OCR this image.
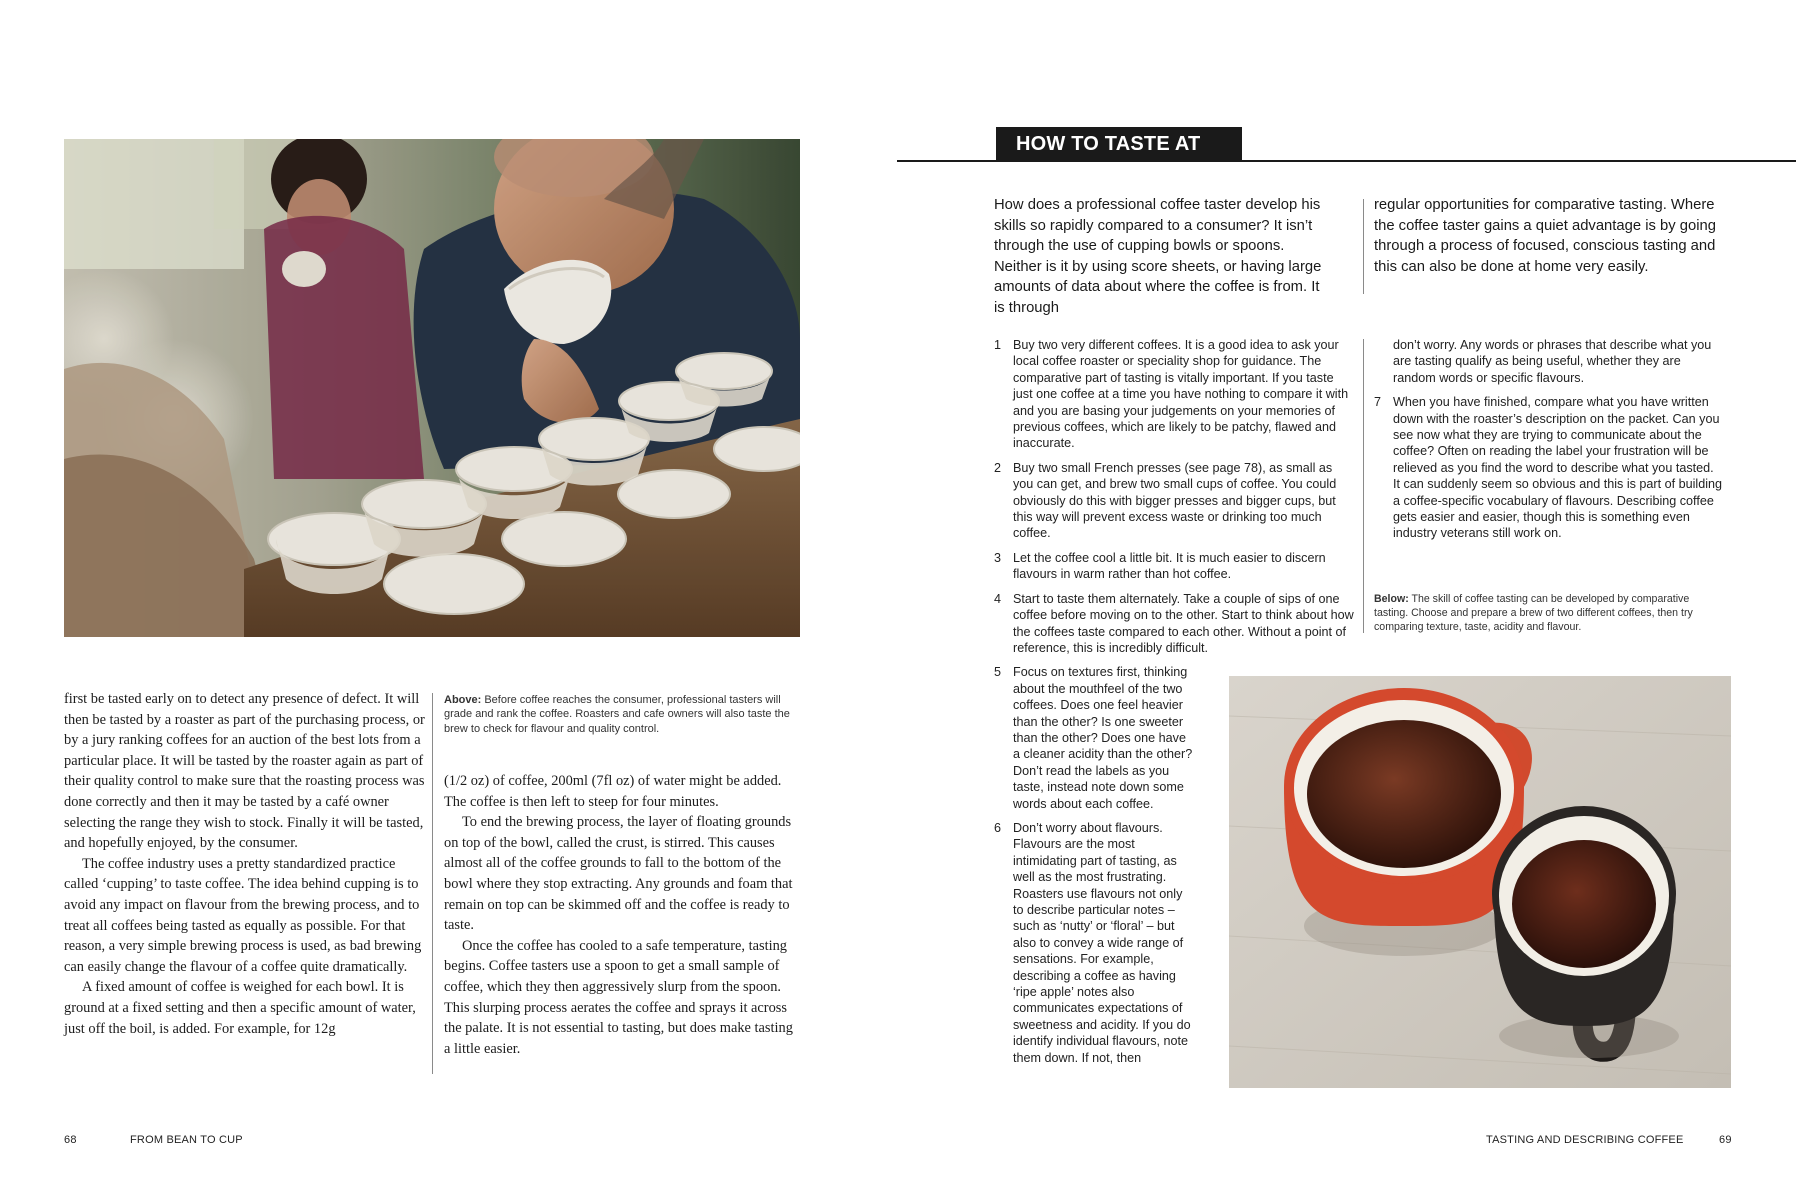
first be tasted early on to detect any presence of defect. It will then be tasted by a roaster as part of the purchasing process, or by a jury ranking coffees for an auction of the best lots from a particular place. It will be tasted by the roaster again as part of their quality control to make sure that the roasting process was done correctly and then it may be tasted by a café owner selecting the range they wish to stock. Finally it will be tasted, and hopefully enjoyed, by the consumer.

The coffee industry uses a pretty standardized practice called ‘cupping’ to taste coffee. The idea behind cupping is to avoid any impact on flavour from the brewing process, and to treat all coffees being tasted as equally as possible. For that reason, a very simple brewing process is used, as bad brewing can easily change the flavour of a coffee quite dramatically.

A fixed amount of coffee is weighed for each bowl. It is ground at a fixed setting and then a specific amount of water, just off the boil, is added. For example, for 12g

Above: Before coffee reaches the consumer, professional tasters will grade and rank the coffee. Roasters and cafe owners will also taste the brew to check for flavour and quality control.

(1/2 oz) of coffee, 200ml (7fl oz) of water might be added. The coffee is then left to steep for four minutes.

To end the brewing process, the layer of floating grounds on top of the bowl, called the crust, is stirred. This causes almost all of the coffee grounds to fall to the bottom of the bowl where they stop extracting. Any grounds and foam that remain on top can be skimmed off and the coffee is ready to taste.

Once the coffee has cooled to a safe temperature, tasting begins. Coffee tasters use a spoon to get a small sample of coffee, which they then aggressively slurp from the spoon. This slurping process aerates the coffee and sprays it across the palate. It is not essential to tasting, but does make tasting a little easier.

68	FROM BEAN TO CUP
HOW TO TASTE AT HOME
How does a professional coffee taster develop his skills so rapidly compared to a consumer? It isn’t through the use of cupping bowls or spoons. Neither is it by using score sheets, or having large amounts of data about where the coffee is from. It is through
regular opportunities for comparative tasting. Where the coffee taster gains a quiet advantage is by going through a process of focused, conscious tasting and this can also be done at home very easily.
1 Buy two very different coffees. It is a good idea to ask your local coffee roaster or speciality shop for guidance. The comparative part of tasting is vitally important. If you taste just one coffee at a time you have nothing to compare it with and you are basing your judgements on your memories of previous coffees, which are likely to be patchy, flawed and inaccurate.
2 Buy two small French presses (see page 78), as small as you can get, and brew two small cups of coffee. You could obviously do this with bigger presses and bigger cups, but this way will prevent excess waste or drinking too much coffee.
3 Let the coffee cool a little bit. It is much easier to discern flavours in warm rather than hot coffee.
4 Start to taste them alternately. Take a couple of sips of one coffee before moving on to the other. Start to think about how the coffees taste compared to each other. Without a point of reference, this is incredibly difficult.
5 Focus on textures first, thinking about the mouthfeel of the two coffees. Does one feel heavier than the other? Is one sweeter than the other? Does one have a cleaner acidity than the other? Don’t read the labels as you taste, instead note down some words about each coffee.
6 Don’t worry about flavours. Flavours are the most intimidating part of tasting, as well as the most frustrating. Roasters use flavours not only to describe particular notes – such as ‘nutty’ or ‘floral’ – but also to convey a wide range of sensations. For example, describing a coffee as having ‘ripe apple’ notes also communicates expectations of sweetness and acidity. If you do identify individual flavours, note them down. If not, then
don’t worry. Any words or phrases that describe what you are tasting qualify as being useful, whether they are random words or specific flavours.
7 When you have finished, compare what you have written down with the roaster’s description on the packet. Can you see now what they are trying to communicate about the coffee? Often on reading the label your frustration will be relieved as you find the word to describe what you tasted. It can suddenly seem so obvious and this is part of building a coffee-specific vocabulary of flavours. Describing coffee gets easier and easier, though this is something even industry veterans still work on.
Below: The skill of coffee tasting can be developed by comparative tasting. Choose and prepare a brew of two different coffees, then try comparing texture, taste, acidity and flavour.
TASTING AND DESCRIBING COFFEE	69
